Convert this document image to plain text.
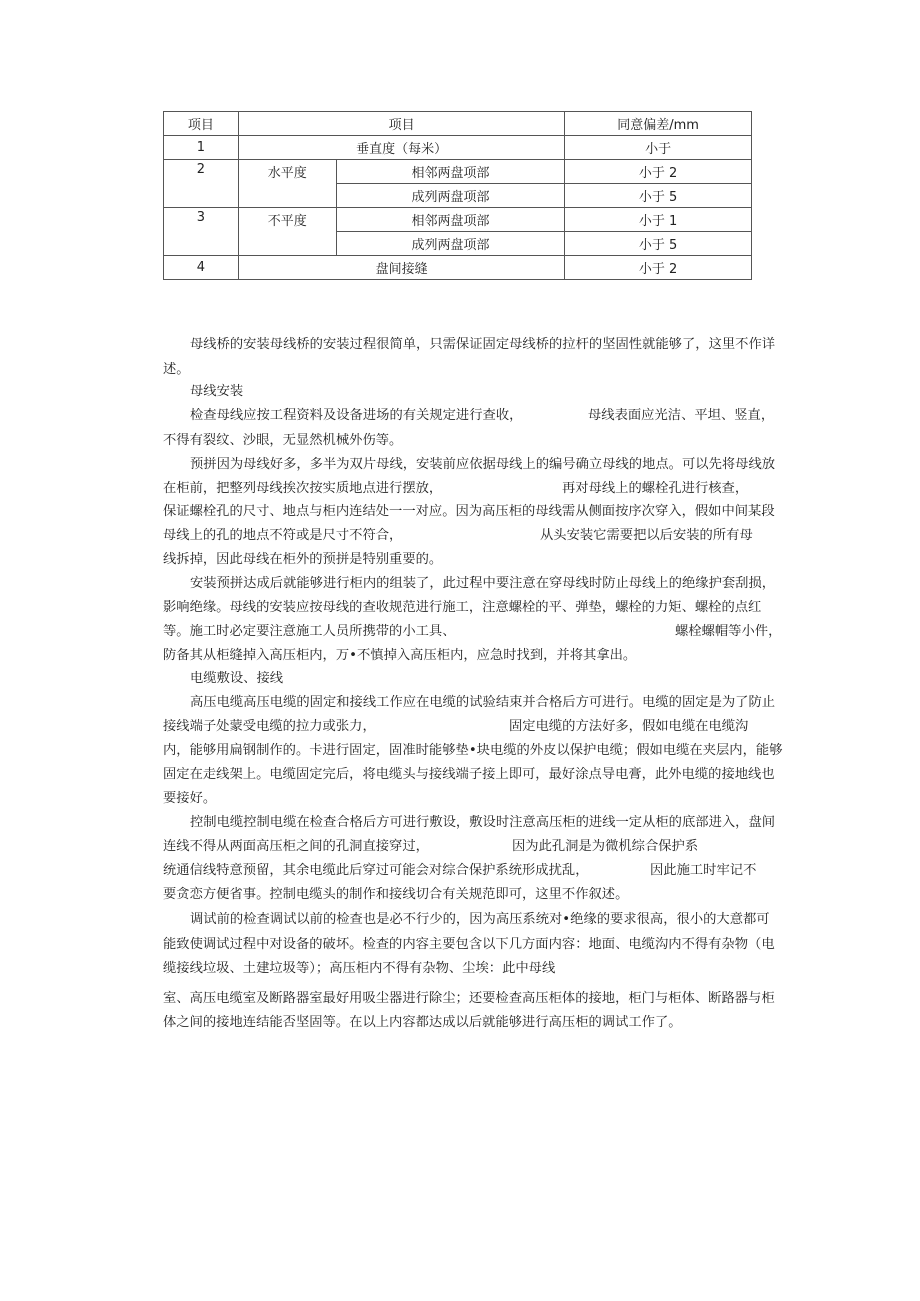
项目	项目		同意偏差/mm
1	垂直度（每米）		小于
2	水平度	相邻两盘项部	小于 2
		成列两盘项部	小于 5
3	不平度	相邻两盘项部	小于 1
		成列两盘项部	小于 5
4	盘间接缝		小于 2
母线桥的安装母线桥的安装过程很简单，只需保证固定母线桥的拉杆的坚固性就能够了，这里不作详
述。
母线安装
检查母线应按工程资料及设备进场的有关规定进行查收，	母线表面应光洁、平坦、竖直，
不得有裂纹、沙眼，无显然机械外伤等。
预拼因为母线好多，多半为双片母线，安装前应依据母线上的编号确立母线的地点。可以先将母线放
在柜前，把整列母线挨次按实质地点进行摆放，	再对母线上的螺栓孔进行核查，
保证螺栓孔的尺寸、地点与柜内连结处一一对应。因为高压柜的母线需从侧面按序次穿入，假如中间某段
母线上的孔的地点不符或是尺寸不符合，	从头安装它需要把以后安装的所有母
线拆掉，因此母线在柜外的预拼是特别重要的。
安装预拼达成后就能够进行柜内的组装了，此过程中要注意在穿母线时防止母线上的绝缘护套刮损，
影响绝缘。母线的安装应按母线的查收规范进行施工，注意螺栓的平、弹垫，螺栓的力矩、螺栓的点红
等。施工时必定要注意施工人员所携带的小工具、	螺栓螺帽等小件，
防备其从柜缝掉入高压柜内，万•不慎掉入高压柜内，应急时找到，并将其拿出。
电缆敷设、接线
高压电缆高压电缆的固定和接线工作应在电缆的试验结束并合格后方可进行。电缆的固定是为了防止
接线端子处蒙受电缆的拉力或张力，	固定电缆的方法好多，假如电缆在电缆沟
内，能够用扁钢制作的。卡进行固定，固准时能够垫•块电缆的外皮以保护电缆；假如电缆在夹层内，能够
固定在走线架上。电缆固定完后，将电缆头与接线端子接上即可，最好涂点导电膏，此外电缆的接地线也
要接好。
控制电缆控制电缆在检查合格后方可进行敷设，敷设时注意高压柜的进线一定从柜的底部进入，盘间
连线不得从两面高压柜之间的孔洞直接穿过，	因为此孔洞是为微机综合保护系
统通信线特意预留，其余电缆此后穿过可能会对综合保护系统形成扰乱，	因此施工时牢记不
要贪恋方便省事。控制电缆头的制作和接线切合有关规范即可，这里不作叙述。
调试前的检查调试以前的检查也是必不行少的，因为高压系统对•绝缘的要求很高，很小的大意都可
能致使调试过程中对设备的破坏。检查的内容主要包含以下几方面内容：地面、电缆沟内不得有杂物（电
缆接线垃圾、土建垃圾等）；高压柜内不得有杂物、尘埃：此中母线
室、高压电缆室及断路器室最好用吸尘器进行除尘；还要检查高压柜体的接地，柜门与柜体、断路器与柜
体之间的接地连结能否坚固等。在以上内容都达成以后就能够进行高压柜的调试工作了。
